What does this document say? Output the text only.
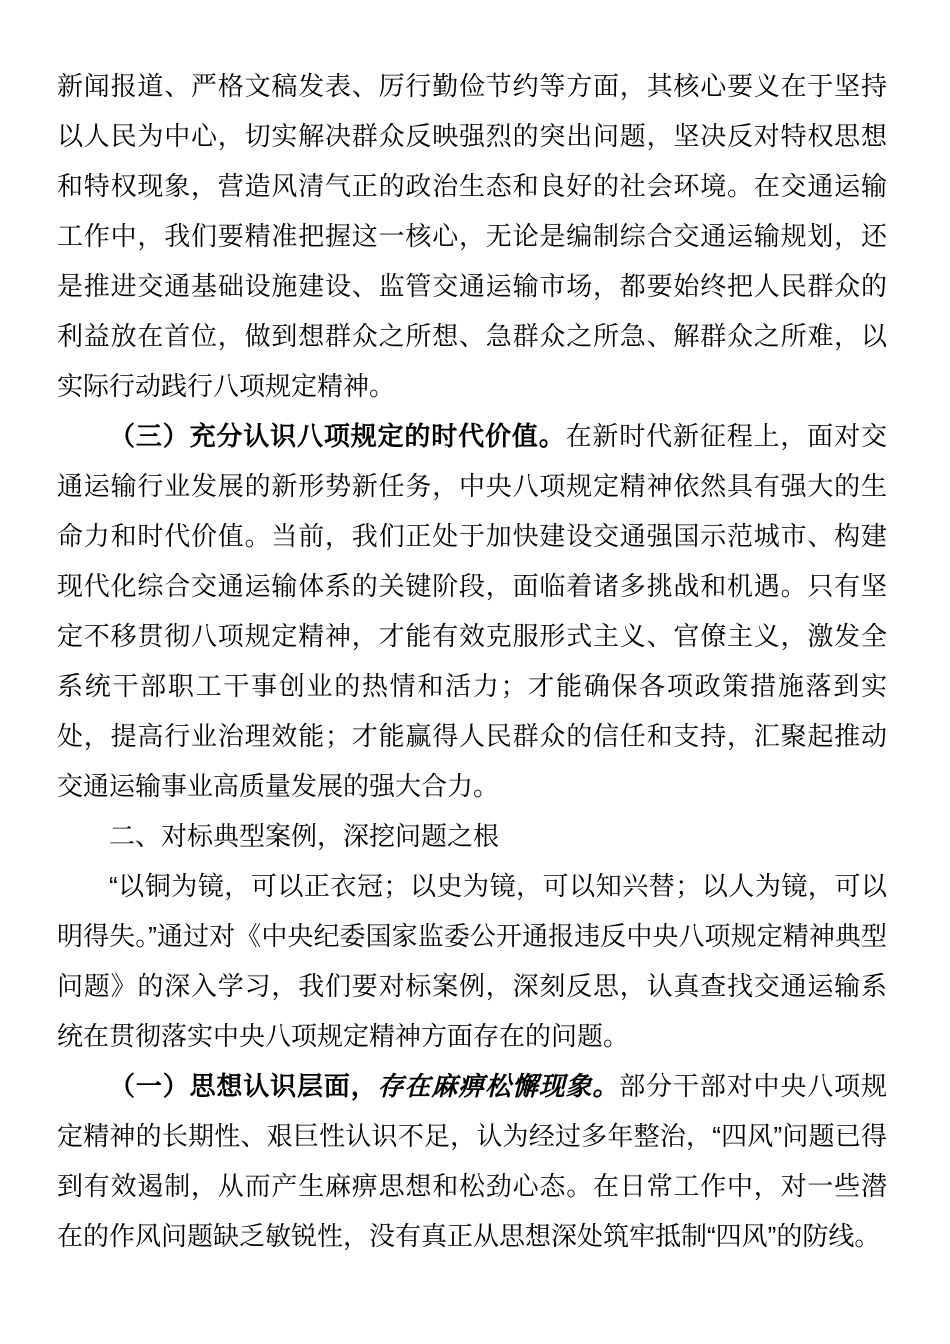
新闻报道、严格文稿发表、厉行勤俭节约等方面，其核心要义在于坚持以人民为中心，切实解决群众反映强烈的突出问题，坚决反对特权思想和特权现象，营造风清气正的政治生态和良好的社会环境。在交通运输工作中，我们要精准把握这一核心，无论是编制综合交通运输规划，还是推进交通基础设施建设、监管交通运输市场，都要始终把人民群众的利益放在首位，做到想群众之所想、急群众之所急、解群众之所难，以实际行动践行八项规定精神。

（三）充分认识八项规定的时代价值。在新时代新征程上，面对交通运输行业发展的新形势新任务，中央八项规定精神依然具有强大的生命力和时代价值。当前，我们正处于加快建设交通强国示范城市、构建现代化综合交通运输体系的关键阶段，面临着诸多挑战和机遇。只有坚定不移贯彻八项规定精神，才能有效克服形式主义、官僚主义，激发全系统干部职工干事创业的热情和活力；才能确保各项政策措施落到实处，提高行业治理效能；才能赢得人民群众的信任和支持，汇聚起推动交通运输事业高质量发展的强大合力。

二、对标典型案例，深挖问题之根

“以铜为镜，可以正衣冠；以史为镜，可以知兴替；以人为镜，可以明得失。”通过对《中央纪委国家监委公开通报违反中央八项规定精神典型问题》的深入学习，我们要对标案例，深刻反思，认真查找交通运输系统在贯彻落实中央八项规定精神方面存在的问题。

（一）思想认识层面，存在麻痹松懈现象。部分干部对中央八项规定精神的长期性、艰巨性认识不足，认为经过多年整治，“四风”问题已得到有效遏制，从而产生麻痹思想和松劲心态。在日常工作中，对一些潜在的作风问题缺乏敏锐性，没有真正从思想深处筑牢抵制“四风”的防线。
